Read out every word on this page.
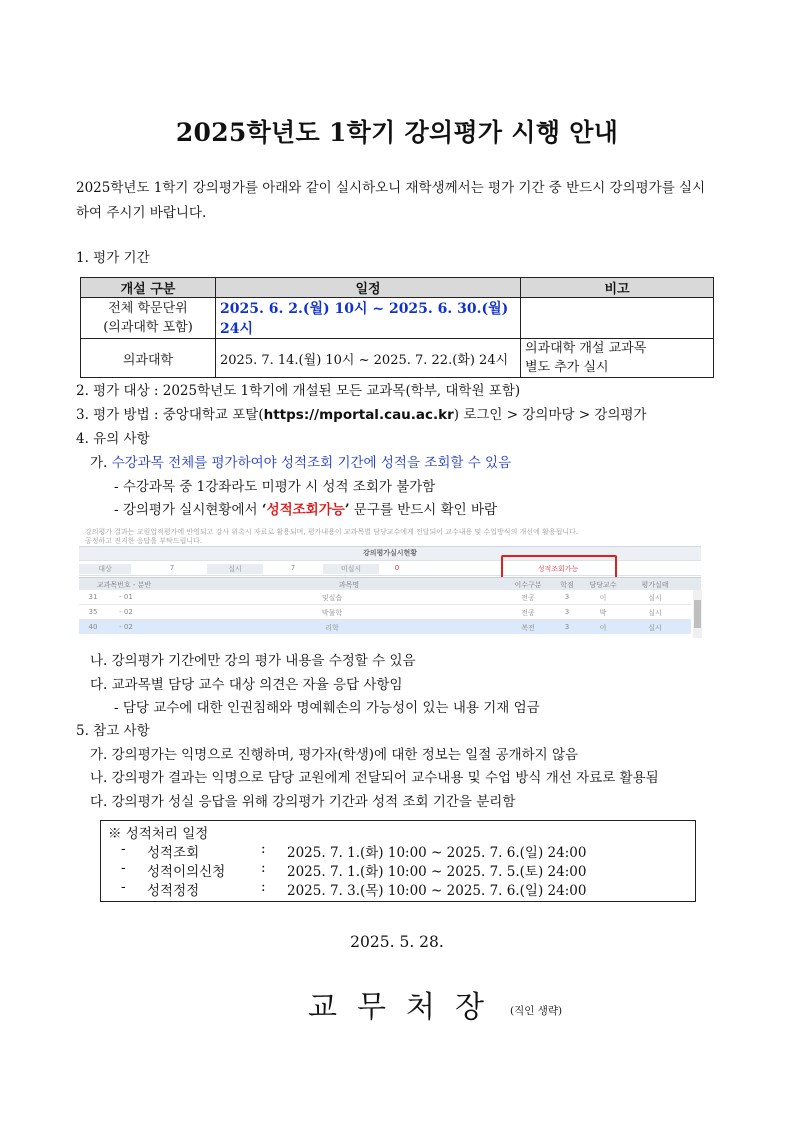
2025학년도 1학기 강의평가 시행 안내
2025학년도 1학기 강의평가를 아래와 같이 실시하오니 재학생께서는 평가 기간 중 반드시 강의평가를 실시하여 주시기 바랍니다.
1. 평가 기간
개설 구분	일정	비고
전체 학문단위
(의과대학 포함)	2025. 6. 2.(월) 10시 ~ 2025. 6. 30.(월) 24시	
의과대학	2025. 7. 14.(월) 10시 ~ 2025. 7. 22.(화) 24시	의과대학 개설 교과목
별도 추가 실시
2. 평가 대상 : 2025학년도 1학기에 개설된 모든 교과목(학부, 대학원 포함)
3. 평가 방법 : 중앙대학교 포탈(https://mportal.cau.ac.kr) 로그인 > 강의마당 > 강의평가
4. 유의 사항
가. 수강과목 전체를 평가하여야 성적조회 기간에 성적을 조회할 수 있음
- 수강과목 중 1강좌라도 미평가 시 성적 조회가 불가함
- 강의평가 실시현황에서 ‘성적조회가능’ 문구를 반드시 확인 바람
강의평가 결과는 교원업적평가에 반영되고 강사 위촉시 자료로 활용되며, 평가내용이 교과목별 담당교수에게 전달되어 교수내용 및 수업방식의 개선에 활용됩니다.
공정하고 진지한 응답을 부탁드립니다.
강의평가실시현황
대상	7	실시	7	미실시	0	성적조회가능
교과목번호 - 분반	과목명	이수구분	학점	담당교수	평가실태
31	- 01	및실습	전공	3	이	실시
35	- 02	박물학	전공	3	박	실시
40	- 02	리학	복전	3	이	실시
나. 강의평가 기간에만 강의 평가 내용을 수정할 수 있음
다. 교과목별 담당 교수 대상 의견은 자율 응답 사항임
- 담당 교수에 대한 인권침해와 명예훼손의 가능성이 있는 내용 기재 엄금
5. 참고 사항
가. 강의평가는 익명으로 진행하며, 평가자(학생)에 대한 정보는 일절 공개하지 않음
나. 강의평가 결과는 익명으로 담당 교원에게 전달되어 교수내용 및 수업 방식 개선 자료로 활용됨
다. 강의평가 성실 응답을 위해 강의평가 기간과 성적 조회 기간을 분리함
※ 성적처리 일정
- 성적조회	: 2025. 7. 1.(화) 10:00 ~ 2025. 7. 6.(일) 24:00
- 성적이의신청	: 2025. 7. 1.(화) 10:00 ~ 2025. 7. 5.(토) 24:00
- 성적정정	: 2025. 7. 3.(목) 10:00 ~ 2025. 7. 6.(일) 24:00
2025. 5. 28.
교 무 처 장 (직인 생략)
